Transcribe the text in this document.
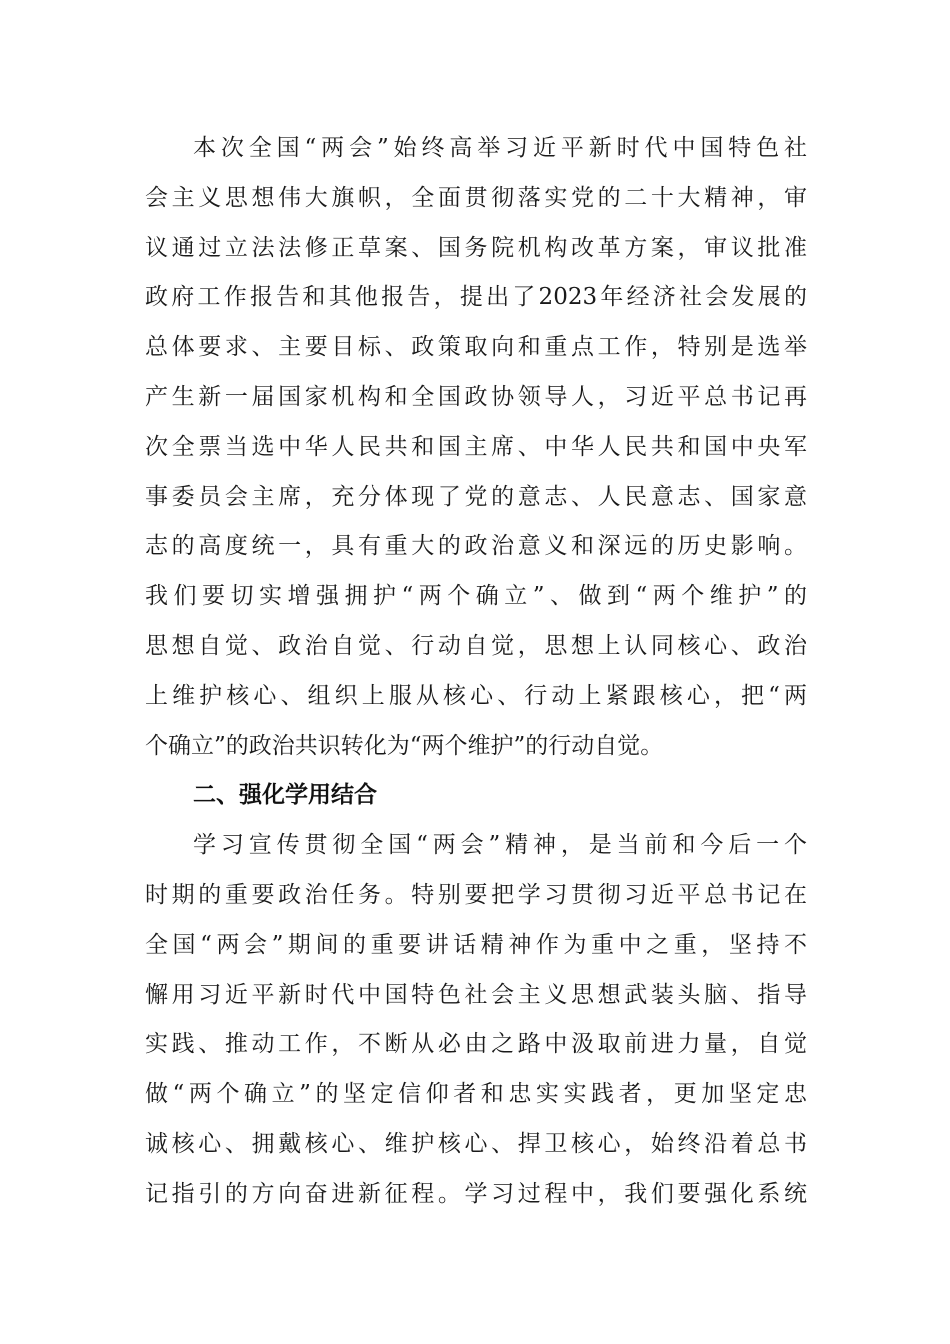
本次全国“两会”始终高举习近平新时代中国特色社
会主义思想伟大旗帜，全面贯彻落实党的二十大精神，审
议通过立法法修正草案、国务院机构改革方案，审议批准
政府工作报告和其他报告，提出了2023年经济社会发展的
总体要求、主要目标、政策取向和重点工作，特别是选举
产生新一届国家机构和全国政协领导人，习近平总书记再
次全票当选中华人民共和国主席、中华人民共和国中央军
事委员会主席，充分体现了党的意志、人民意志、国家意
志的高度统一，具有重大的政治意义和深远的历史影响。
我们要切实增强拥护“两个确立”、做到“两个维护”的
思想自觉、政治自觉、行动自觉，思想上认同核心、政治
上维护核心、组织上服从核心、行动上紧跟核心，把“两
个确立”的政治共识转化为“两个维护”的行动自觉。
二、强化学用结合
学习宣传贯彻全国“两会”精神，是当前和今后一个
时期的重要政治任务。特别要把学习贯彻习近平总书记在
全国“两会”期间的重要讲话精神作为重中之重，坚持不
懈用习近平新时代中国特色社会主义思想武装头脑、指导
实践、推动工作，不断从必由之路中汲取前进力量，自觉
做“两个确立”的坚定信仰者和忠实实践者，更加坚定忠
诚核心、拥戴核心、维护核心、捍卫核心，始终沿着总书
记指引的方向奋进新征程。学习过程中，我们要强化系统
